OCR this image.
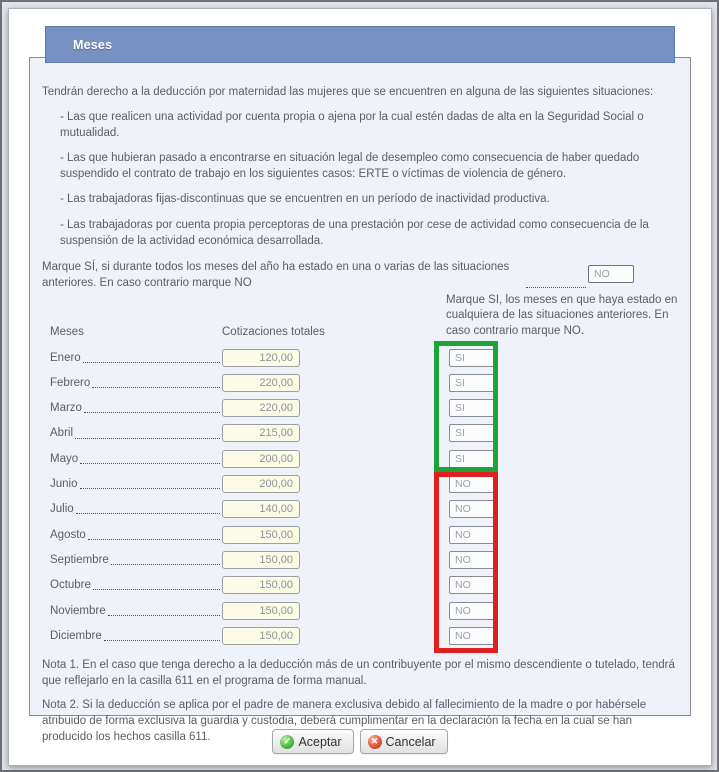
Meses

Tendrán derecho a la deducción por maternidad las mujeres que se encuentren en alguna de las siguientes situaciones:

- Las que realicen una actividad por cuenta propia o ajena por la cual estén dadas de alta en la Seguridad Social o mutualidad.

- Las que hubieran pasado a encontrarse en situación legal de desempleo como consecuencia de haber quedado suspendido el contrato de trabajo en los siguientes casos: ERTE o víctimas de violencia de género.

- Las trabajadoras fijas-discontinuas que se encuentren en un período de inactividad productiva.

- Las trabajadoras por cuenta propia perceptoras de una prestación por cese de actividad como consecuencia de la suspensión de la actividad económica desarrollada.

Marque SÍ, si durante todos los meses del año ha estado en una o varias de las situaciones anteriores. En caso contrario marque NO
NO
Meses	Cotizaciones totales
Marque SI, los meses en que haya estado en cualquiera de las situaciones anteriores. En caso contrario marque NO.
Enero	120,00	SI
Febrero	220,00	SI
Marzo	220,00	SI
Abril	215,00	SI
Mayo	200,00	SI
Junio	200,00	NO
Julio	140,00	NO
Agosto	150,00	NO
Septiembre	150,00	NO
Octubre	150,00	NO
Noviembre	150,00	NO
Diciembre	150,00	NO

Nota 1. En el caso que tenga derecho a la deducción más de un contribuyente por el mismo descendiente o tutelado, tendrá que reflejarlo en la casilla 611 en el programa de forma manual.

Nota 2. Si la deducción se aplica por el padre de manera exclusiva debido al fallecimiento de la madre o por habérsele atribuido de forma exclusiva la guardia y custodia, deberá cumplimentar en la declaración la fecha en la cual se han producido los hechos casilla 611.	✓ Aceptar	✕ Cancelar
